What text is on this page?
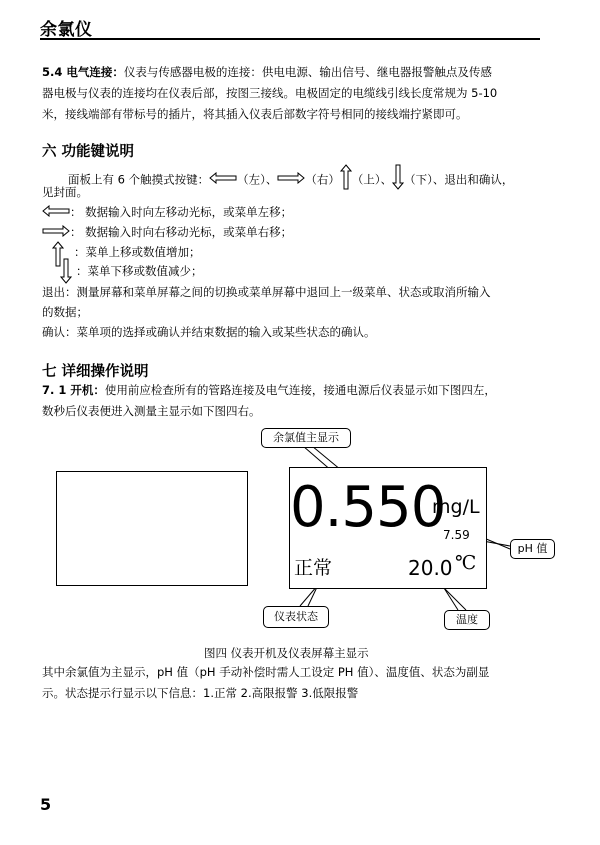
余氯仪
5.4 电气连接：仪表与传感器电极的连接：供电电源、输出信号、继电器报警触点及传感
器电极与仪表的连接均在仪表后部，按图三接线。电极固定的电缆线引线长度常规为 5-10
米，接线端部有带标号的插片，将其插入仪表后部数字符号相同的接线端拧紧即可。
六 功能键说明
面板上有 6 个触摸式按键： （左）、 （右） （上）、 （下）、退出和确认，
见封面。
： 数据输入时向左移动光标，或菜单左移；
： 数据输入时向右移动光标，或菜单右移；
：菜单上移或数值增加；
：菜单下移或数值减少；
退出：测量屏幕和菜单屏幕之间的切换或菜单屏幕中退回上一级菜单、状态或取消所输入
的数据；
确认：菜单项的选择或确认并结束数据的输入或某些状态的确认。
七 详细操作说明
7. 1 开机：使用前应检查所有的管路连接及电气连接，接通电源后仪表显示如下图四左，
数秒后仪表便进入测量主显示如下图四右。
余氯值主显示
0.550
mg/L
7.59
正常	20.0 ℃
pH 值
仪表状态	温度
图四 仪表开机及仪表屏幕主显示
其中余氯值为主显示，pH 值（pH 手动补偿时需人工设定 PH 值）、温度值、状态为副显
示。状态提示行显示以下信息：1.正常 2.高限报警 3.低限报警
5
